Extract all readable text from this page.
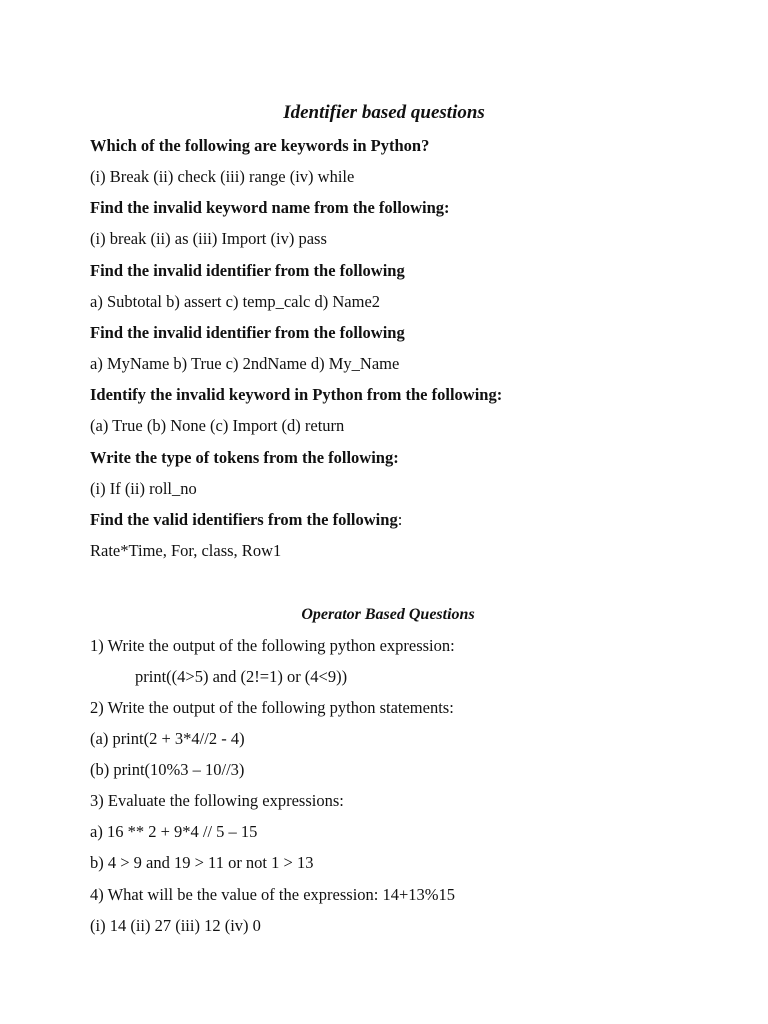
Identifier based questions
Which of the following are keywords in Python?
(i) Break (ii) check (iii) range (iv) while
Find the invalid keyword name from the following:
(i) break (ii) as (iii) Import (iv) pass
Find the invalid identifier from the following
a) Subtotal b) assert c) temp_calc d) Name2
Find the invalid identifier from the following
a) MyName b) True c) 2ndName d) My_Name
Identify the invalid keyword in Python from the following:
(a) True (b) None (c) Import (d) return
Write the type of tokens from the following:
(i) If (ii) roll_no
Find the valid identifiers from the following:
Rate*Time, For, class, Row1
Operator Based Questions
1) Write the output of the following python expression:
print((4>5) and (2!=1) or (4<9))
2) Write the output of the following python statements:
(a) print(2 + 3*4//2 - 4)
(b) print(10%3 – 10//3)
3) Evaluate the following expressions:
a) 16 ** 2 + 9*4 // 5 – 15
b) 4 > 9 and 19 > 11 or not 1 > 13
4) What will be the value of the expression: 14+13%15
(i) 14 (ii) 27 (iii) 12 (iv) 0
